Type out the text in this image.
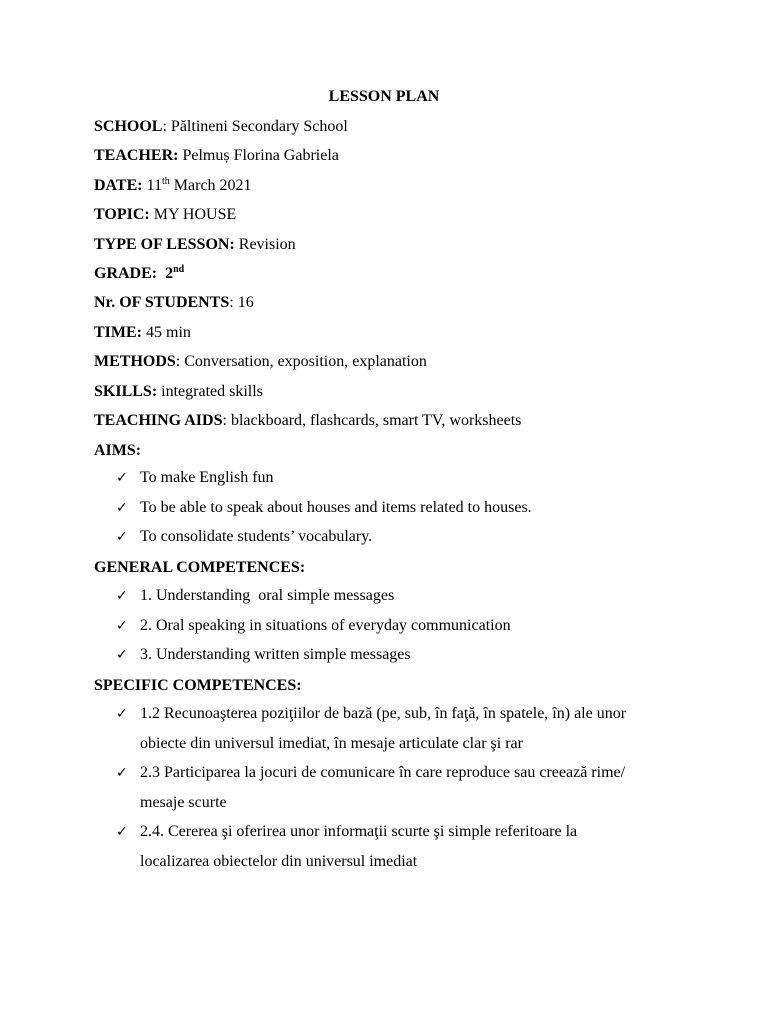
LESSON PLAN
SCHOOL: Păltineni Secondary School
TEACHER: Pelmuș Florina Gabriela
DATE: 11th March 2021
TOPIC: MY HOUSE
TYPE OF LESSON: Revision
GRADE: 2nd
Nr. OF STUDENTS: 16
TIME: 45 min
METHODS: Conversation, exposition, explanation
SKILLS: integrated skills
TEACHING AIDS: blackboard, flashcards, smart TV, worksheets
AIMS:
✓ To make English fun
✓ To be able to speak about houses and items related to houses.
✓ To consolidate students’ vocabulary.
GENERAL COMPETENCES:
✓ 1. Understanding  oral simple messages
✓ 2. Oral speaking in situations of everyday communication
✓ 3. Understanding written simple messages
SPECIFIC COMPETENCES:
✓ 1.2 Recunoaşterea poziţiilor de bază (pe, sub, în faţă, în spatele, în) ale unor obiecte din universul imediat, în mesaje articulate clar şi rar
✓ 2.3 Participarea la jocuri de comunicare în care reproduce sau creează rime/ mesaje scurte
✓ 2.4. Cererea şi oferirea unor informaţii scurte şi simple referitoare la localizarea obiectelor din universul imediat
